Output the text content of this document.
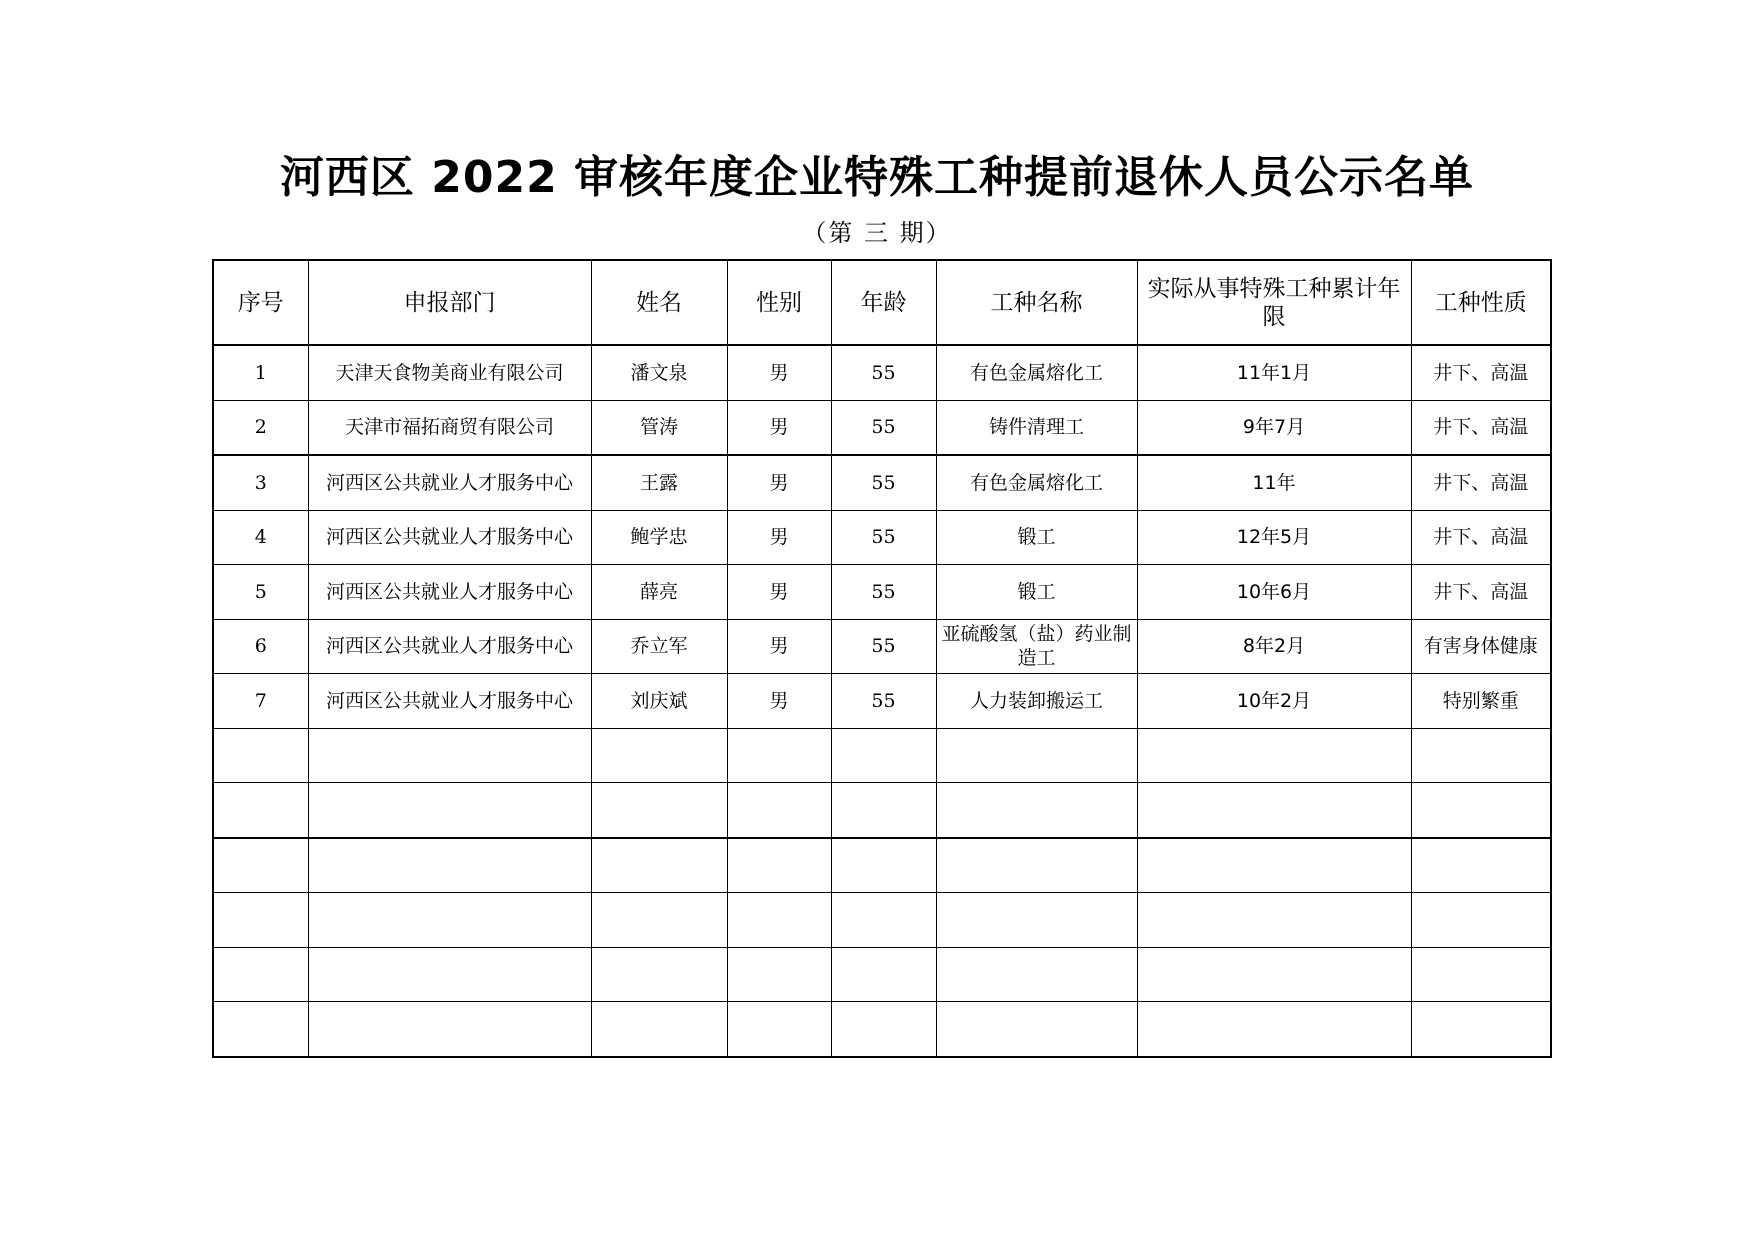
河西区 2022 审核年度企业特殊工种提前退休人员公示名单
（第 三 期）
序号	申报部门	姓名	性别	年龄	工种名称	实际从事特殊工种累计年限	工种性质
1	天津天食物美商业有限公司	潘文泉	男	55	有色金属熔化工	11年1月	井下、高温
2	天津市福拓商贸有限公司	管涛	男	55	铸件清理工	9年7月	井下、高温
3	河西区公共就业人才服务中心	王露	男	55	有色金属熔化工	11年	井下、高温
4	河西区公共就业人才服务中心	鲍学忠	男	55	锻工	12年5月	井下、高温
5	河西区公共就业人才服务中心	薛亮	男	55	锻工	10年6月	井下、高温
6	河西区公共就业人才服务中心	乔立军	男	55	亚硫酸氢（盐）药业制造工	8年2月	有害身体健康
7	河西区公共就业人才服务中心	刘庆斌	男	55	人力装卸搬运工	10年2月	特别繁重
